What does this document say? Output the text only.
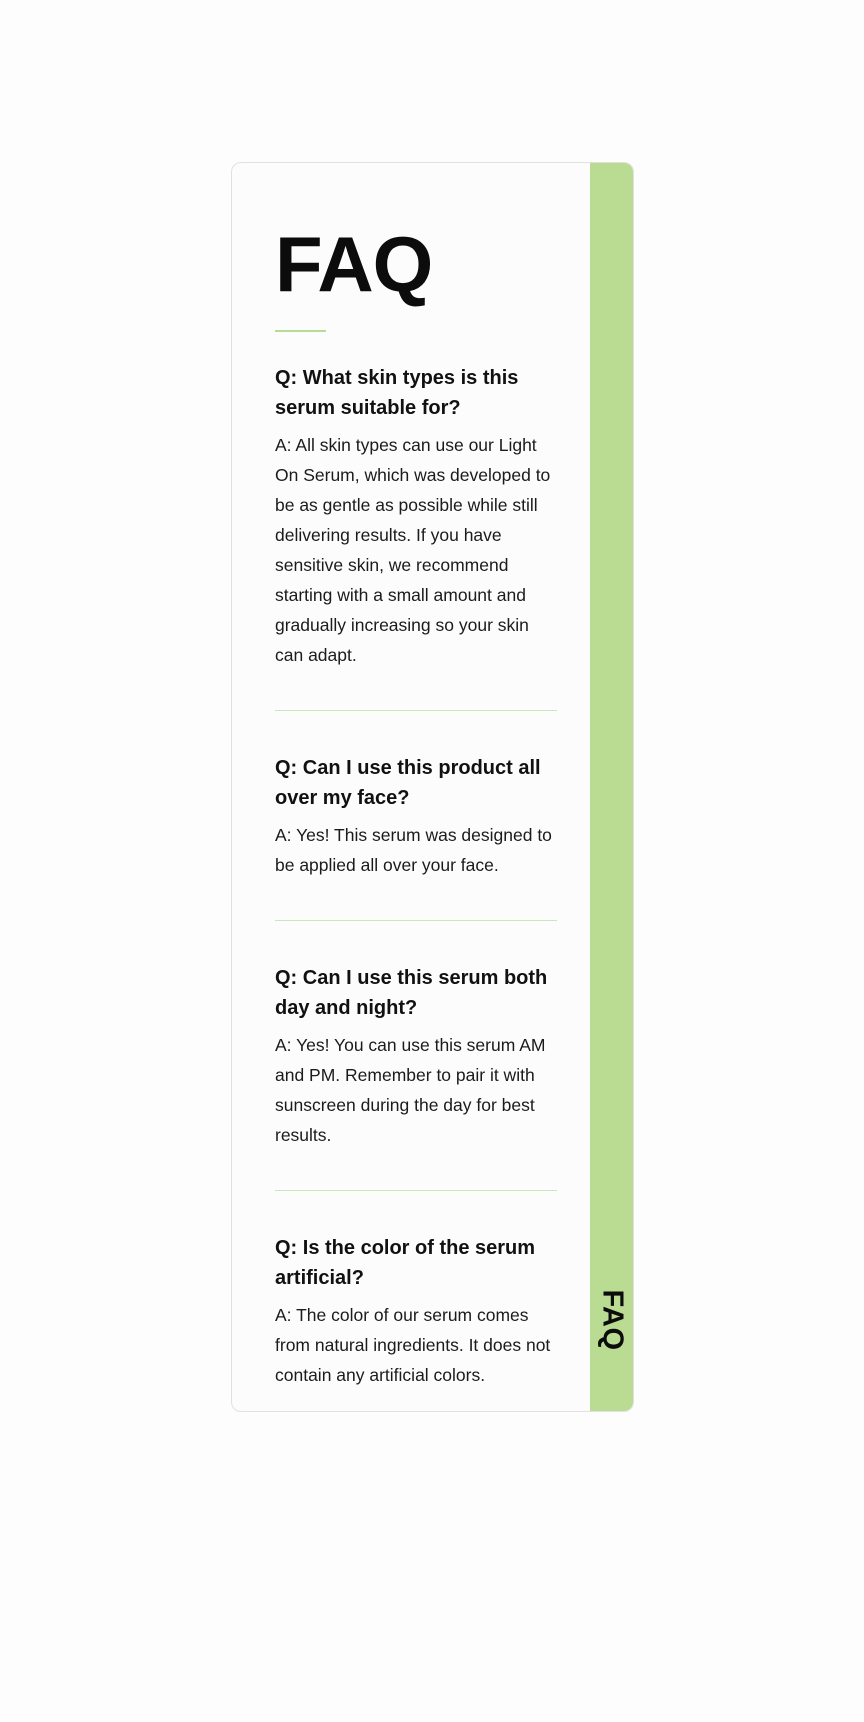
FAQ
Q: What skin types is this serum suitable for?

A: All skin types can use our Light On Serum, which was developed to be as gentle as possible while still delivering results. If you have sensitive skin, we recommend starting with a small amount and gradually increasing so your skin can adapt.

Q: Can I use this product all over my face?

A: Yes! This serum was designed to be applied all over your face.

Q: Can I use this serum both day and night?

A: Yes! You can use this serum AM and PM. Remember to pair it with sunscreen during the day for best results.

Q: Is the color of the serum artificial?

A: The color of our serum comes from natural ingredients. It does not contain any artificial colors.

FAQ
